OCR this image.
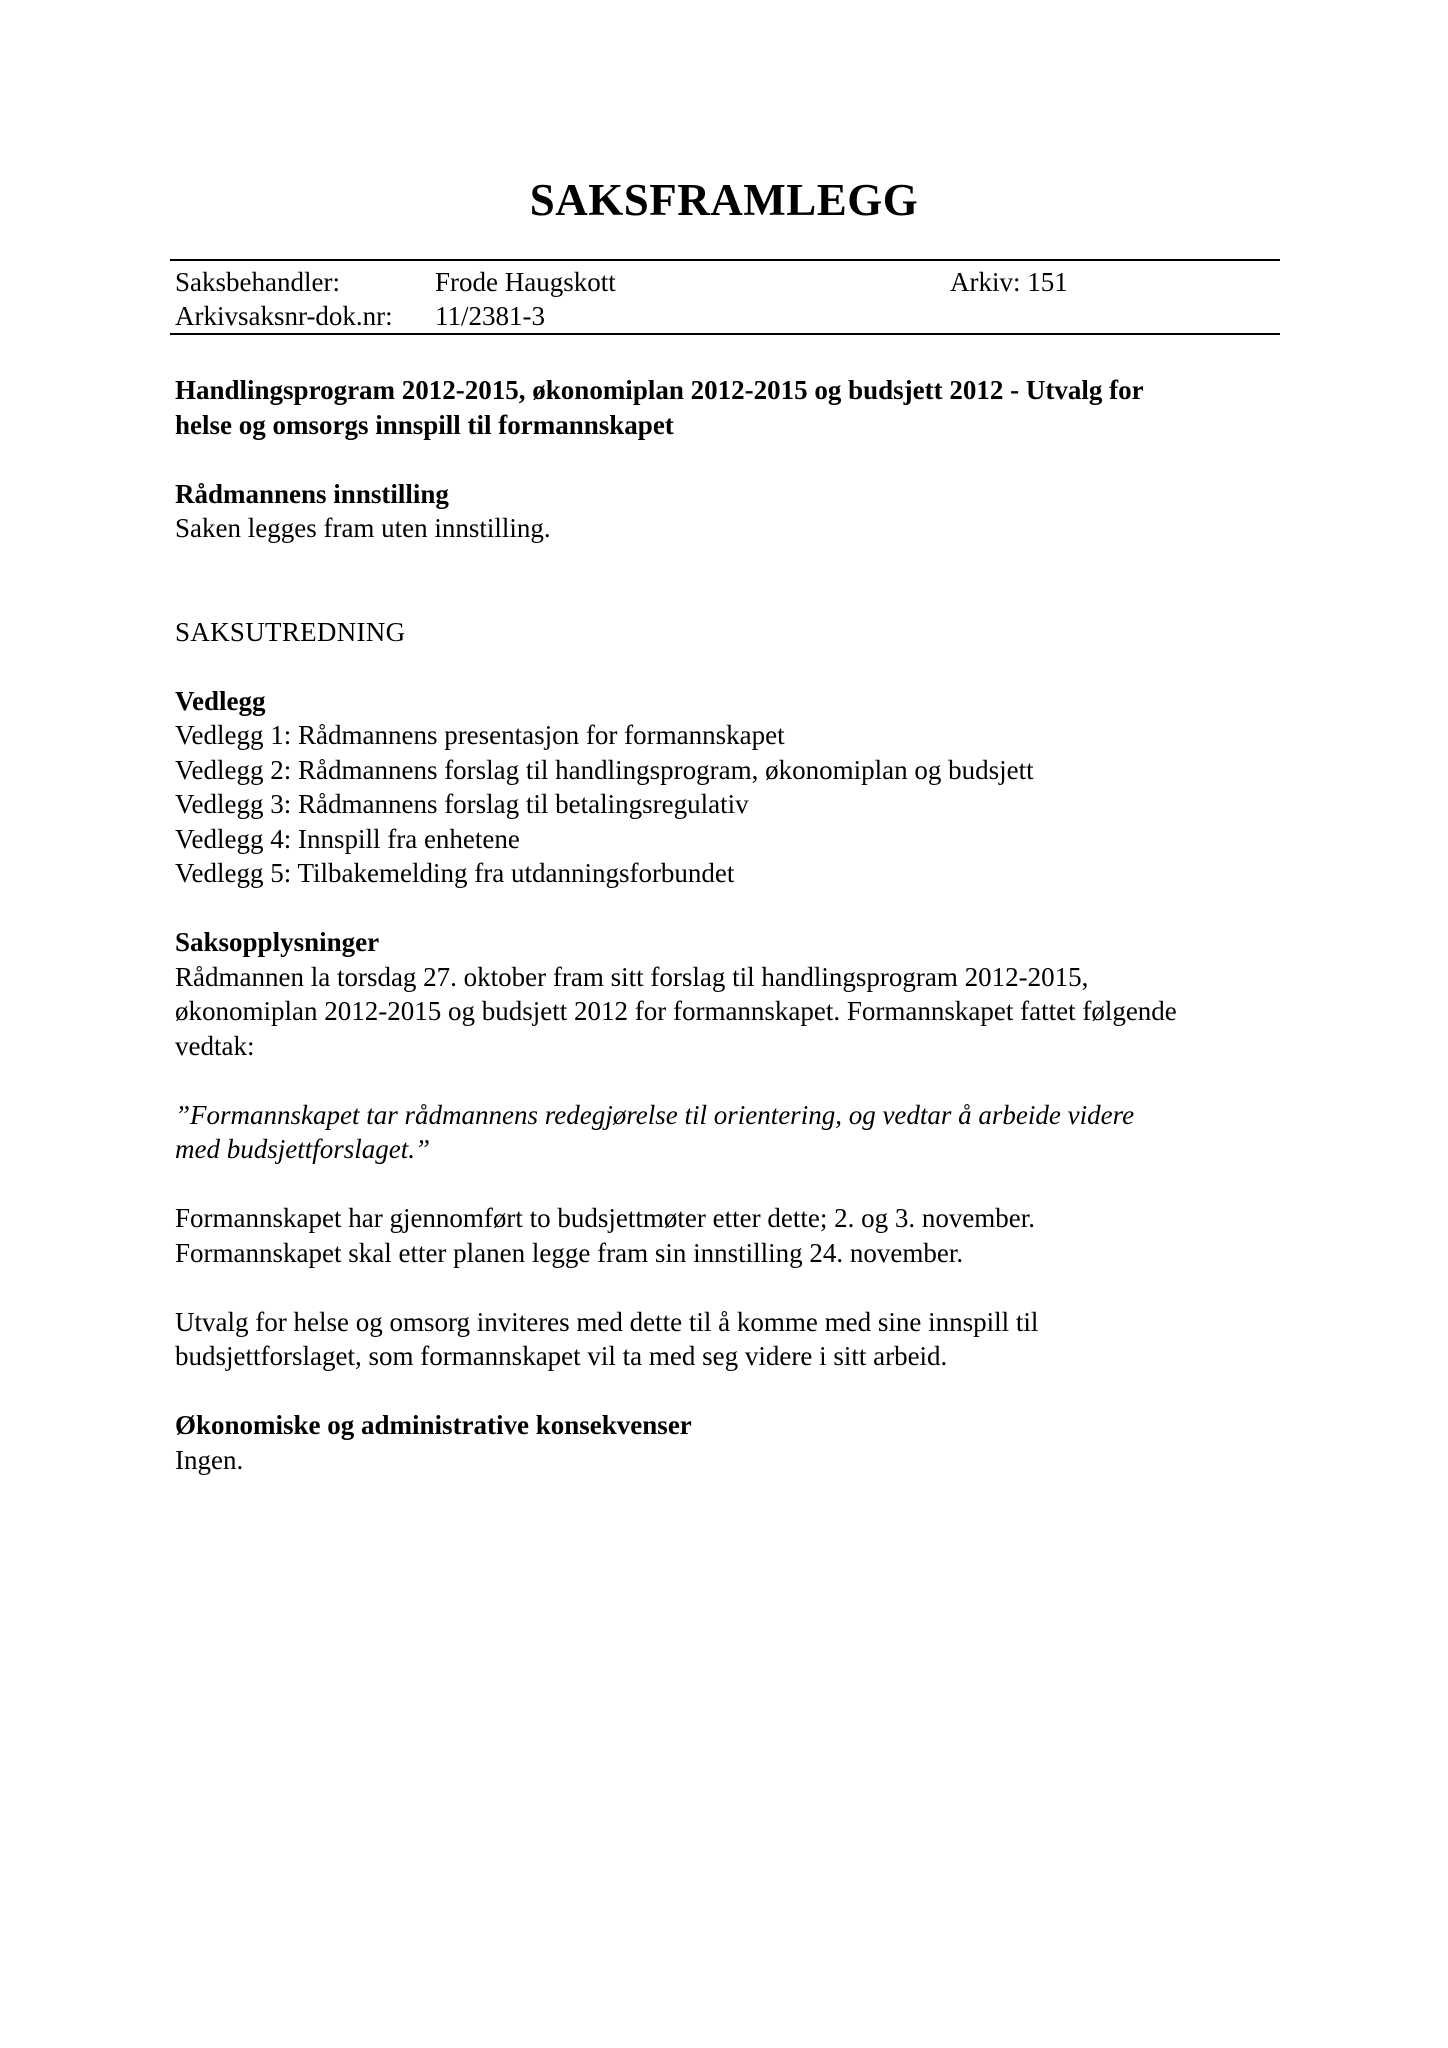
SAKSFRAMLEGG
Saksbehandler:	Frode Haugskott	Arkiv: 151
Arkivsaksnr-dok.nr: 11/2381-3

Handlingsprogram 2012-2015, økonomiplan 2012-2015 og budsjett 2012 - Utvalg for

helse og omsorgs innspill til formannskapet

Rådmannens innstilling

Saken legges fram uten innstilling.

SAKSUTREDNING
Vedlegg

Vedlegg 1: Rådmannens presentasjon for formannskapet

Vedlegg 2: Rådmannens forslag til handlingsprogram, økonomiplan og budsjett

Vedlegg 3: Rådmannens forslag til betalingsregulativ

Vedlegg 4: Innspill fra enhetene

Vedlegg 5: Tilbakemelding fra utdanningsforbundet

Saksopplysninger

Rådmannen la torsdag 27. oktober fram sitt forslag til handlingsprogram 2012-2015,

økonomiplan 2012-2015 og budsjett 2012 for formannskapet. Formannskapet fattet følgende

vedtak:

”Formannskapet tar rådmannens redegjørelse til orientering, og vedtar å arbeide videre

med budsjettforslaget.”

Formannskapet har gjennomført to budsjettmøter etter dette; 2. og 3. november.

Formannskapet skal etter planen legge fram sin innstilling 24. november.

Utvalg for helse og omsorg inviteres med dette til å komme med sine innspill til

budsjettforslaget, som formannskapet vil ta med seg videre i sitt arbeid.

Økonomiske og administrative konsekvenser

Ingen.
